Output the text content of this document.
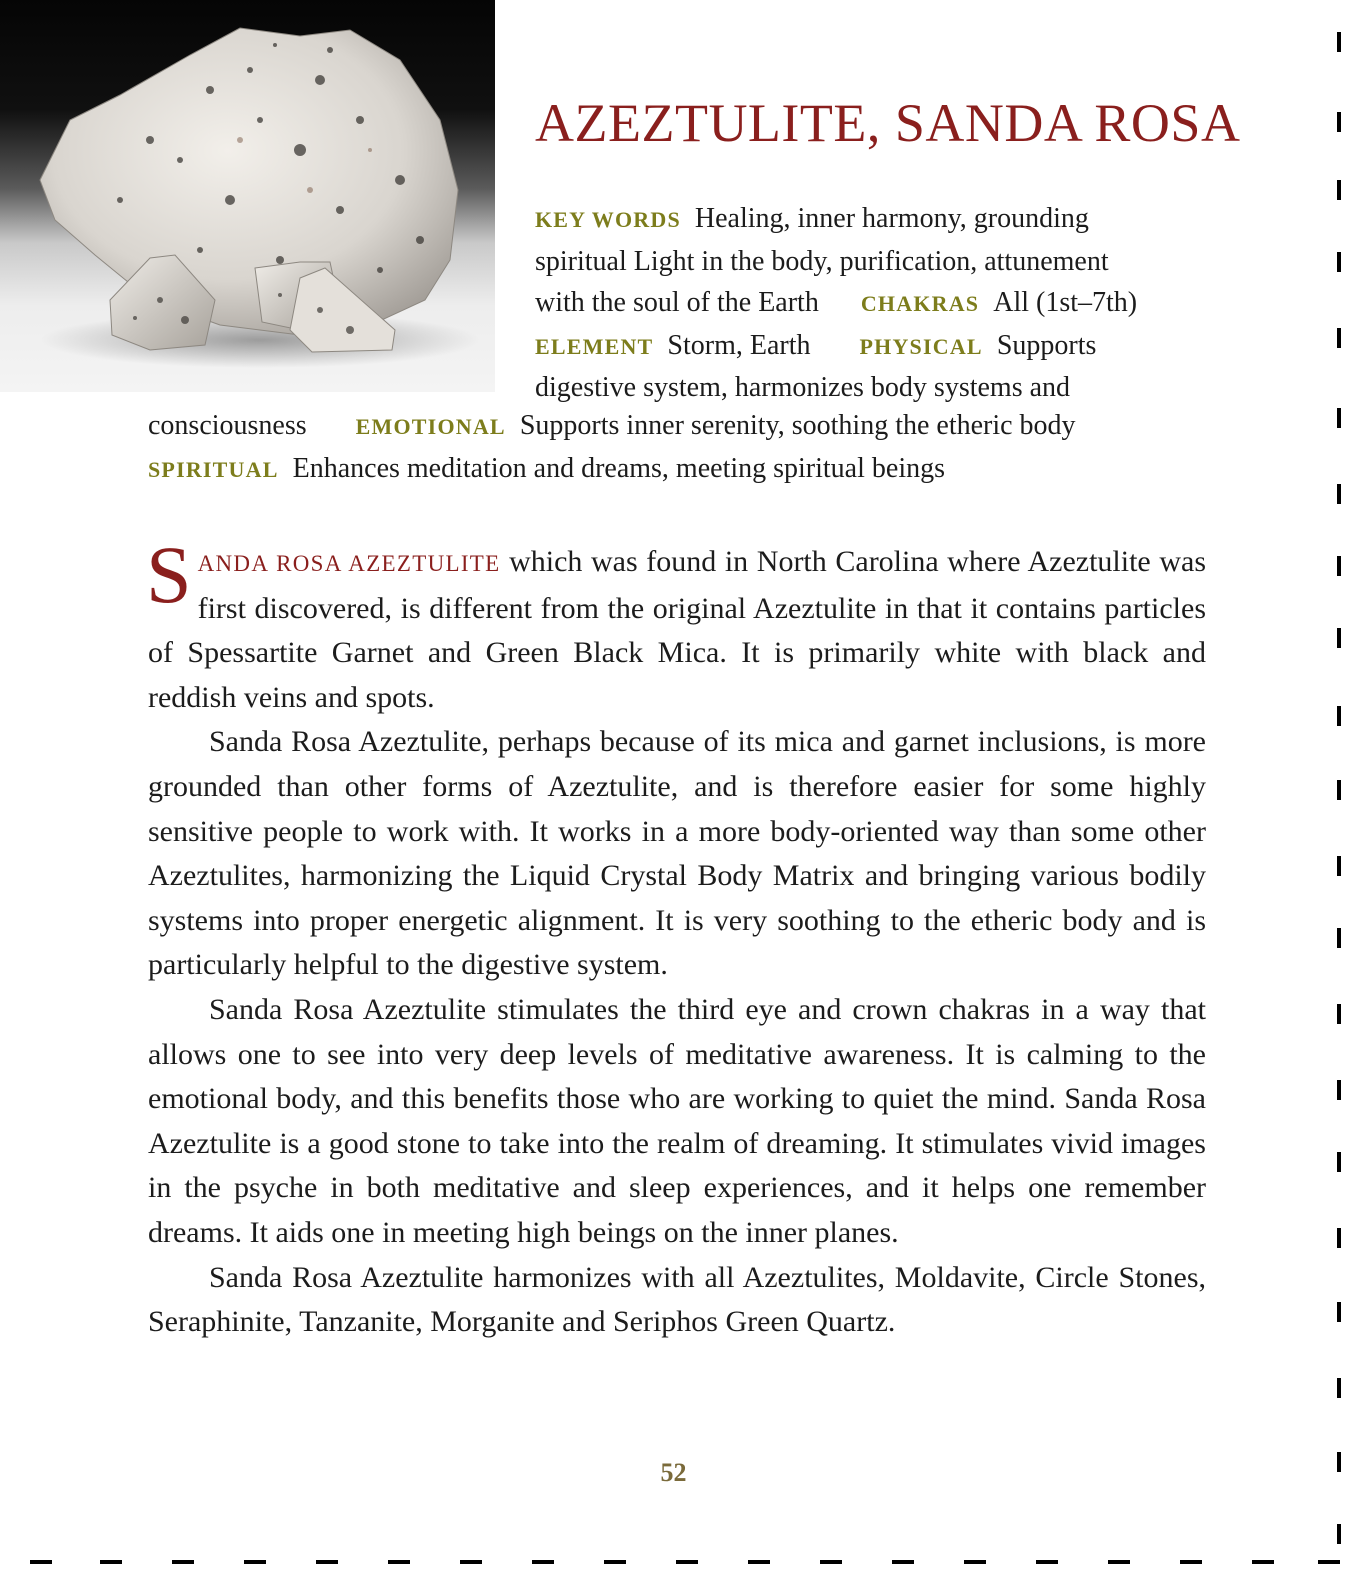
AZEZTULITE, SANDA ROSA
KEY WORDS Healing, inner harmony, grounding
spiritual Light in the body, purification, attunement
with the soul of the Earth CHAKRAS All (1st–7th)
ELEMENT Storm, Earth PHYSICAL Supports
digestive system, harmonizes body systems and
consciousness EMOTIONAL Supports inner serenity, soothing the etheric body
SPIRITUAL Enhances meditation and dreams, meeting spiritual beings

SANDA ROSA AZEZTULITE which was found in North Carolina where Azeztulite was first discovered, is different from the original Azeztulite in that it contains particles of Spessartite Garnet and Green Black Mica. It is primarily white with black and reddish veins and spots.

Sanda Rosa Azeztulite, perhaps because of its mica and garnet inclusions, is more grounded than other forms of Azeztulite, and is therefore easier for some highly sensitive people to work with. It works in a more body-oriented way than some other Azeztulites, harmonizing the Liquid Crystal Body Matrix and bringing various bodily systems into proper energetic alignment. It is very soothing to the etheric body and is particularly helpful to the digestive system.

Sanda Rosa Azeztulite stimulates the third eye and crown chakras in a way that allows one to see into very deep levels of meditative awareness. It is calming to the emotional body, and this benefits those who are working to quiet the mind. Sanda Rosa Azeztulite is a good stone to take into the realm of dreaming. It stimulates vivid images in the psyche in both meditative and sleep experiences, and it helps one remember dreams. It aids one in meeting high beings on the inner planes.

Sanda Rosa Azeztulite harmonizes with all Azeztulites, Moldavite, Circle Stones, Seraphinite, Tanzanite, Morganite and Seriphos Green Quartz.

52
